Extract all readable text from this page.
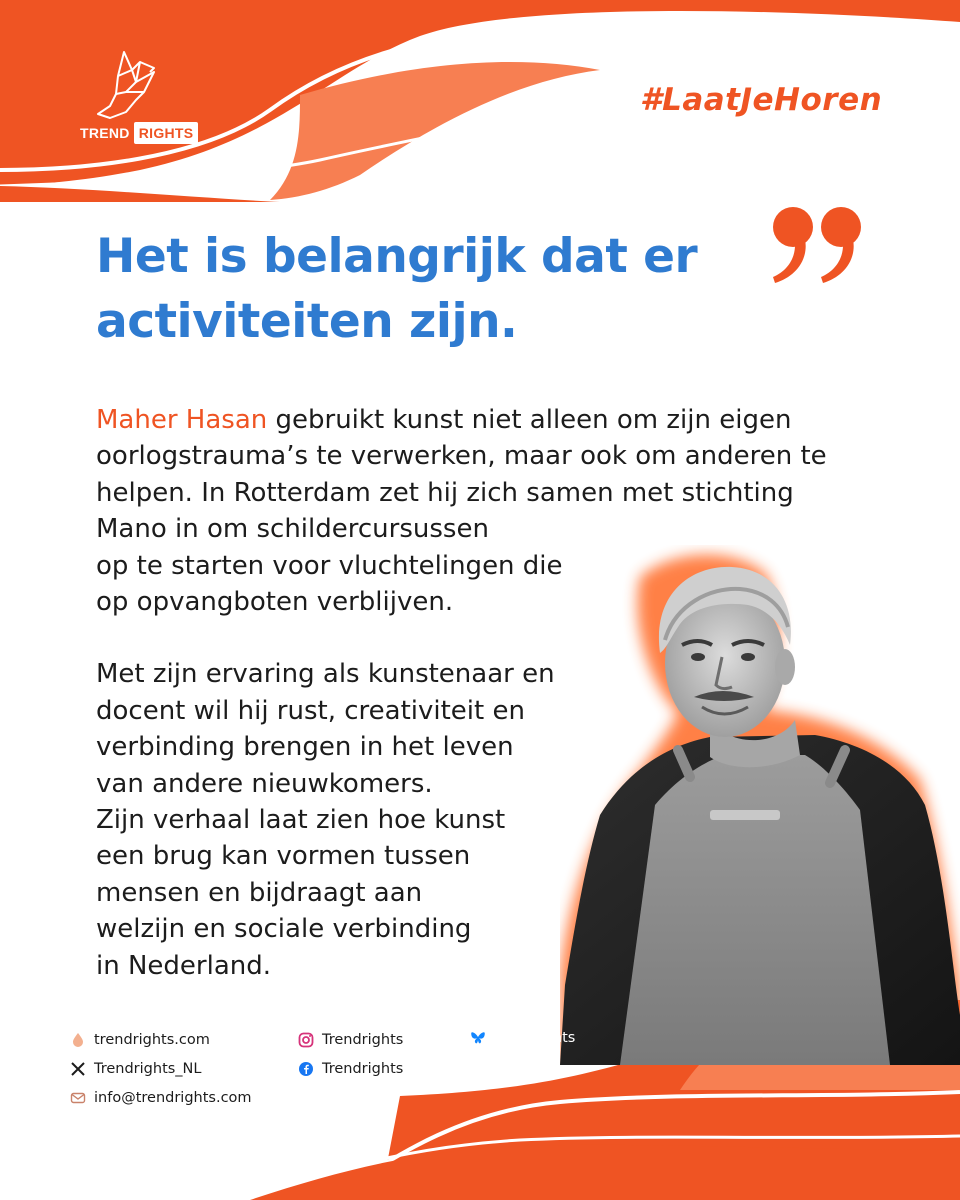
TREND RIGHTS
#LaatJeHoren
Het is belangrijk dat er
activiteiten zijn.
Maher Hasan gebruikt kunst niet alleen om zijn eigen
oorlogstrauma’s te verwerken, maar ook om anderen te
helpen. In Rotterdam zet hij zich samen met stichting
Mano in om schildercursussen
op te starten voor vluchtelingen die
op opvangboten verblijven.
Met zijn ervaring als kunstenaar en
docent wil hij rust, creativiteit en
verbinding brengen in het leven
van andere nieuwkomers.
Zijn verhaal laat zien hoe kunst
een brug kan vormen tussen
mensen en bijdraagt aan
welzijn en sociale verbinding
in Nederland.
trendrights.com
Trendrights_NL
info@trendrights.com
Trendrights
Trendrights
Trendrights
